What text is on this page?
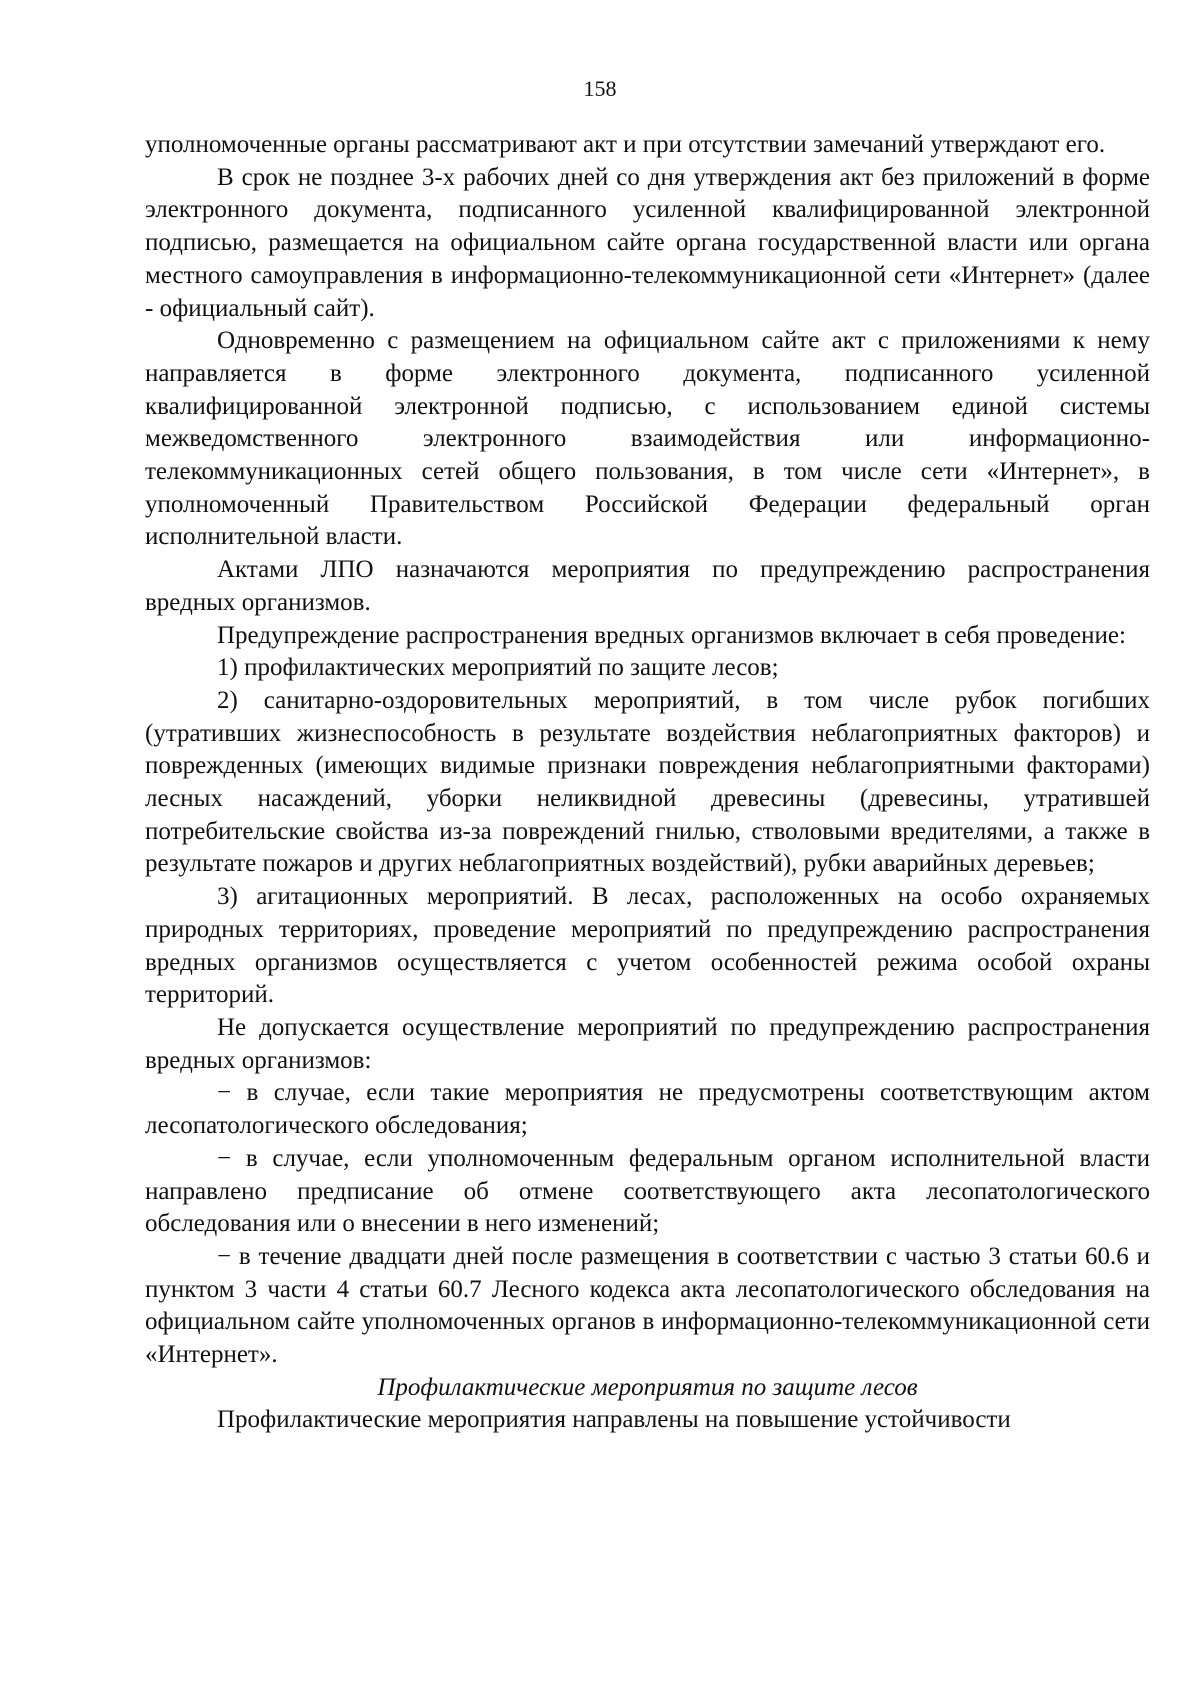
158

уполномоченные органы рассматривают акт и при отсутствии замечаний утверждают его.

В срок не позднее 3-х рабочих дней со дня утверждения акт без приложений в форме электронного документа, подписанного усиленной квалифицированной электронной подписью, размещается на официальном сайте органа государственной власти или органа местного самоуправления в информационно-телекоммуникационной сети «Интернет» (далее - официальный сайт).

Одновременно с размещением на официальном сайте акт с приложениями к нему направляется в форме электронного документа, подписанного усиленной квалифицированной электронной подписью, с использованием единой системы межведомственного электронного взаимодействия или информационно-телекоммуникационных сетей общего пользования, в том числе сети «Интернет», в уполномоченный Правительством Российской Федерации федеральный орган исполнительной власти.

Актами ЛПО назначаются мероприятия по предупреждению распространения вредных организмов.

Предупреждение распространения вредных организмов включает в себя проведение:

1) профилактических мероприятий по защите лесов;

2) санитарно-оздоровительных мероприятий, в том числе рубок погибших (утративших жизнеспособность в результате воздействия неблагоприятных факторов) и поврежденных (имеющих видимые признаки повреждения неблагоприятными факторами) лесных насаждений, уборки неликвидной древесины (древесины, утратившей потребительские свойства из-за повреждений гнилью, стволовыми вредителями, а также в результате пожаров и других неблагоприятных воздействий), рубки аварийных деревьев;

3) агитационных мероприятий. В лесах, расположенных на особо охраняемых природных территориях, проведение мероприятий по предупреждению распространения вредных организмов осуществляется с учетом особенностей режима особой охраны территорий.

Не допускается осуществление мероприятий по предупреждению распространения вредных организмов:

− в случае, если такие мероприятия не предусмотрены соответствующим актом лесопатологического обследования;

− в случае, если уполномоченным федеральным органом исполнительной власти направлено предписание об отмене соответствующего акта лесопатологического обследования или о внесении в него изменений;

− в течение двадцати дней после размещения в соответствии с частью 3 статьи 60.6 и пунктом 3 части 4 статьи 60.7 Лесного кодекса акта лесопатологического обследования на официальном сайте уполномоченных органов в информационно-телекоммуникационной сети «Интернет».

Профилактические мероприятия по защите лесов

Профилактические мероприятия направлены на повышение устойчивости
